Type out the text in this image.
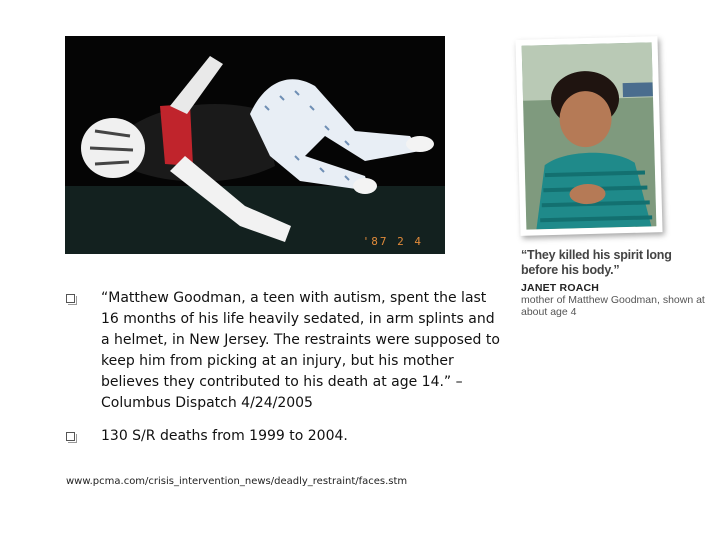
'87 2 4
“They killed his spirit long before his body.”
JANET ROACH
mother of Matthew Goodman, shown at about age 4
“Matthew Goodman, a teen with autism, spent the last 16 months of his life heavily sedated, in arm splints and a helmet, in New Jersey. The restraints were supposed to keep him from picking at an injury, but his mother believes they contributed to his death at age 14.” – Columbus Dispatch 4/24/2005
130 S/R deaths from 1999 to 2004.
www.pcma.com/crisis_intervention_news/deadly_restraint/faces.stm
